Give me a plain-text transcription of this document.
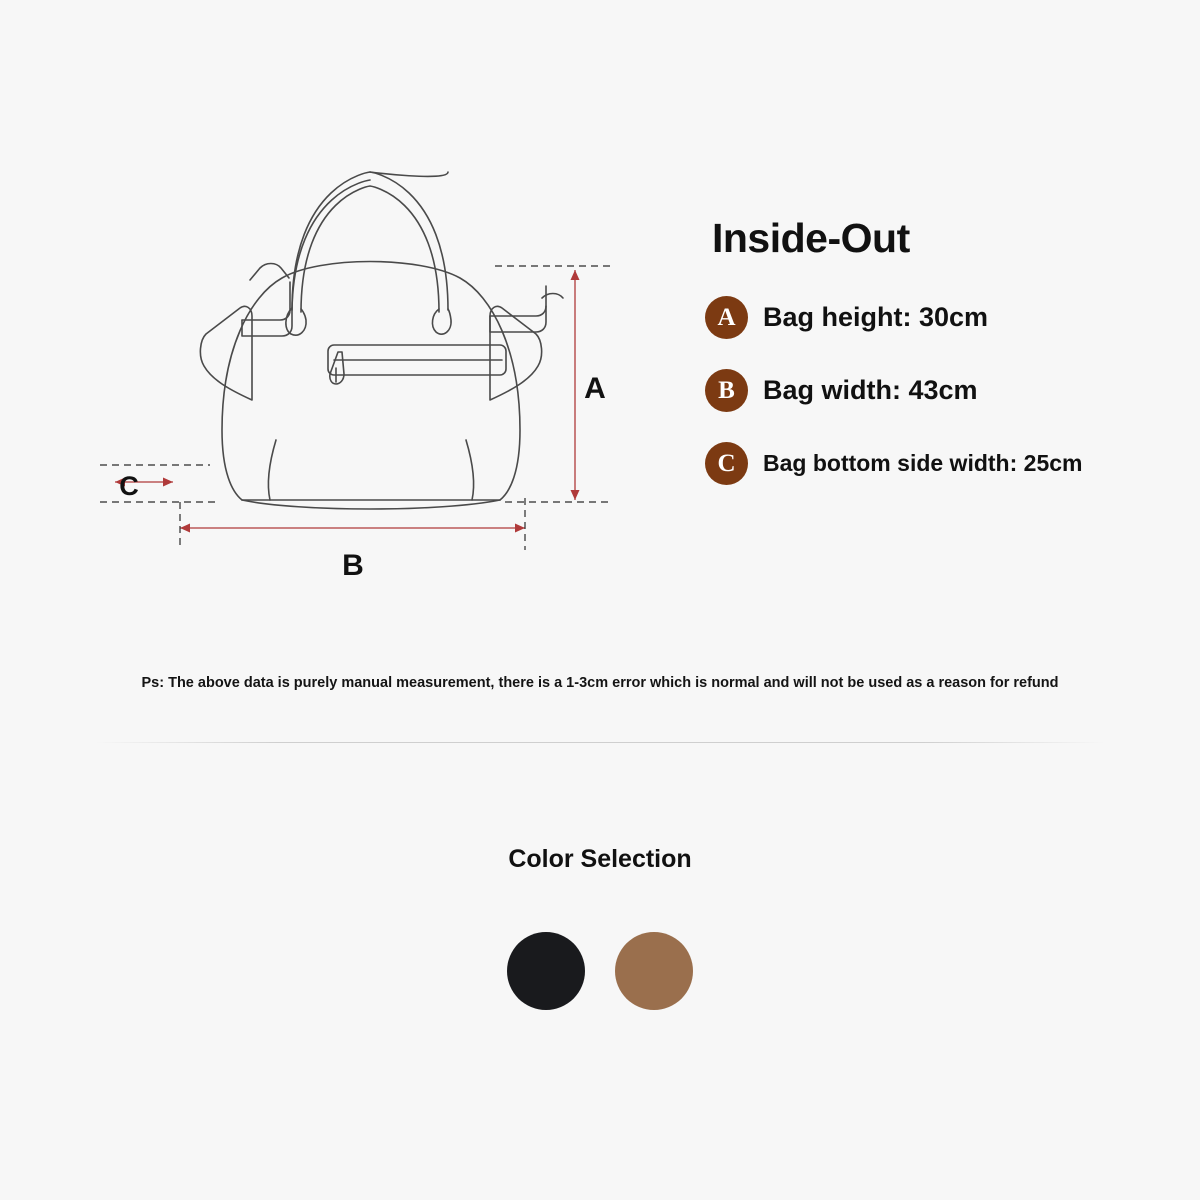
A
B
C
Inside-Out
A	Bag height: 30cm
B	Bag width: 43cm
C	Bag bottom side width: 25cm
Ps: The above data is purely manual measurement, there is a 1-3cm error which is normal and will not be used as a reason for refund
Color Selection
